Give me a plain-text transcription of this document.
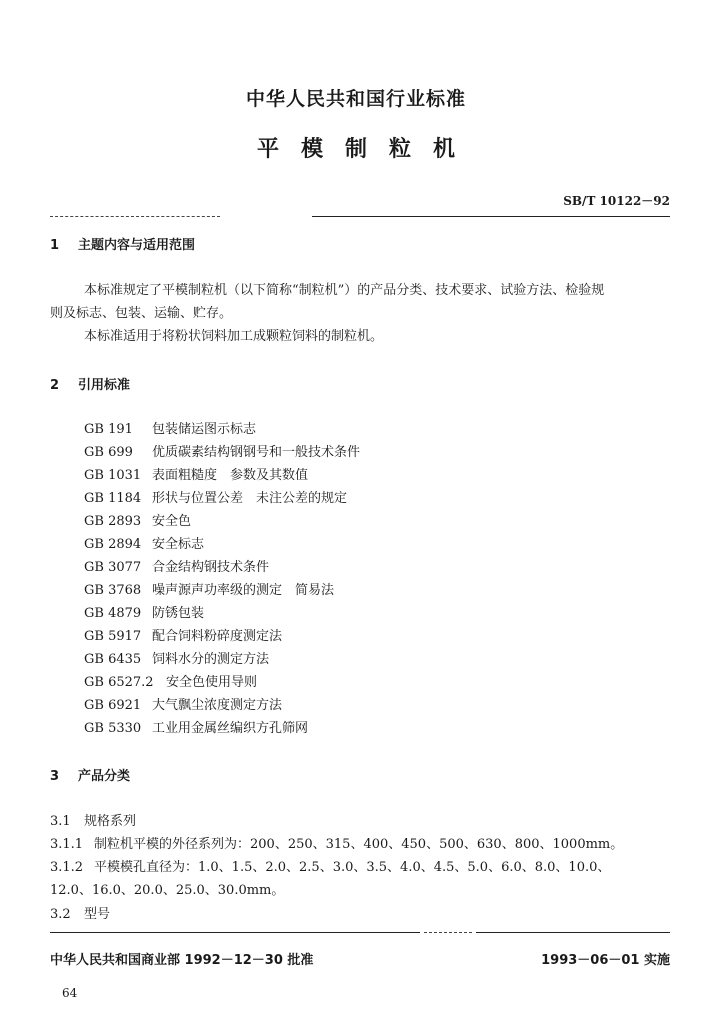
中华人民共和国行业标准
平模制粒机
SB/T 10122－92
1 主题内容与适用范围
本标准规定了平模制粒机（以下简称“制粒机”）的产品分类、技术要求、试验方法、检验规
则及标志、包装、运输、贮存。
本标准适用于将粉状饲料加工成颗粒饲料的制粒机。
2 引用标准
GB 191 包装储运图示标志
GB 699 优质碳素结构钢钢号和一般技术条件
GB 1031 表面粗糙度　参数及其数值
GB 1184 形状与位置公差　未注公差的规定
GB 2893 安全色
GB 2894 安全标志
GB 3077 合金结构钢技术条件
GB 3768 噪声源声功率级的测定　简易法
GB 4879 防锈包装
GB 5917 配合饲料粉碎度测定法
GB 6435 饲料水分的测定方法
GB 6527.2 安全色使用导则
GB 6921 大气飘尘浓度测定方法
GB 5330 工业用金属丝编织方孔筛网
3 产品分类
3.1 规格系列
3.1.1 制粒机平模的外径系列为：200、250、315、400、450、500、630、800、1000mm。
3.1.2 平模模孔直径为：1.0、1.5、2.0、2.5、3.0、3.5、4.0、4.5、5.0、6.0、8.0、10.0、
12.0、16.0、20.0、25.0、30.0mm。
3.2 型号
中华人民共和国商业部 1992－12－30 批准	1993－06－01 实施
64
